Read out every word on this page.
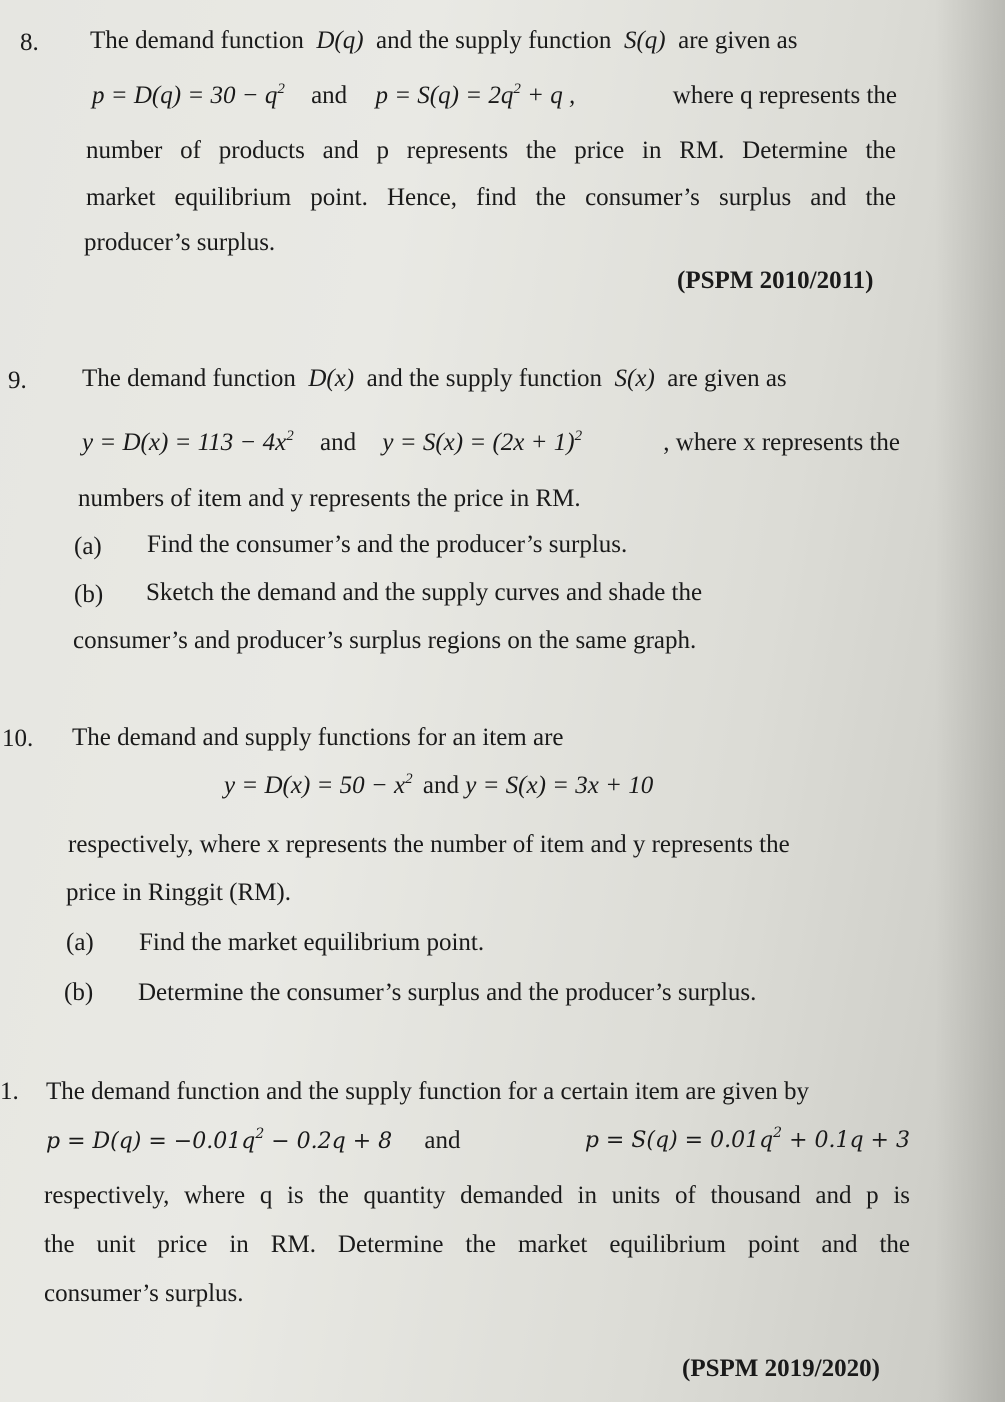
8. The demand function D(q) and the supply function S(q) are given as
$p = D(q) = 30 - q^2$ and $p = S(q) = 2q^2 + q$ ,	where q represents the
number of products and p represents the price in RM. Determine the
market equilibrium point. Hence, find the consumer’s surplus and the
producer’s surplus.
(PSPM 2010/2011)
9. The demand function D(x) and the supply function S(x) are given as
$y = D(x) = 113 - 4x^2$ and $y = S(x) = (2x + 1)^2$	, where x represents the
numbers of item and y represents the price in RM.
(a) Find the consumer’s and the producer’s surplus.
(b) Sketch the demand and the supply curves and shade the
consumer’s and producer’s surplus regions on the same graph.
10. The demand and supply functions for an item are
$y = D(x) = 50 - x^2$ and y = S(x) = 3x + 10
respectively, where x represents the number of item and y represents the
price in Ringgit (RM).
(a) Find the market equilibrium point.
(b) Determine the consumer’s surplus and the producer’s surplus.
1. The demand function and the supply function for a certain item are given by
$p = D(q) = -0.01q^2 - 0.2q + 8$ and	$p = S(q) = 0.01q^2 + 0.1q + 3$
respectively, where q is the quantity demanded in units of thousand and p is
the unit price in RM. Determine the market equilibrium point and the
consumer’s surplus.
(PSPM 2019/2020)
